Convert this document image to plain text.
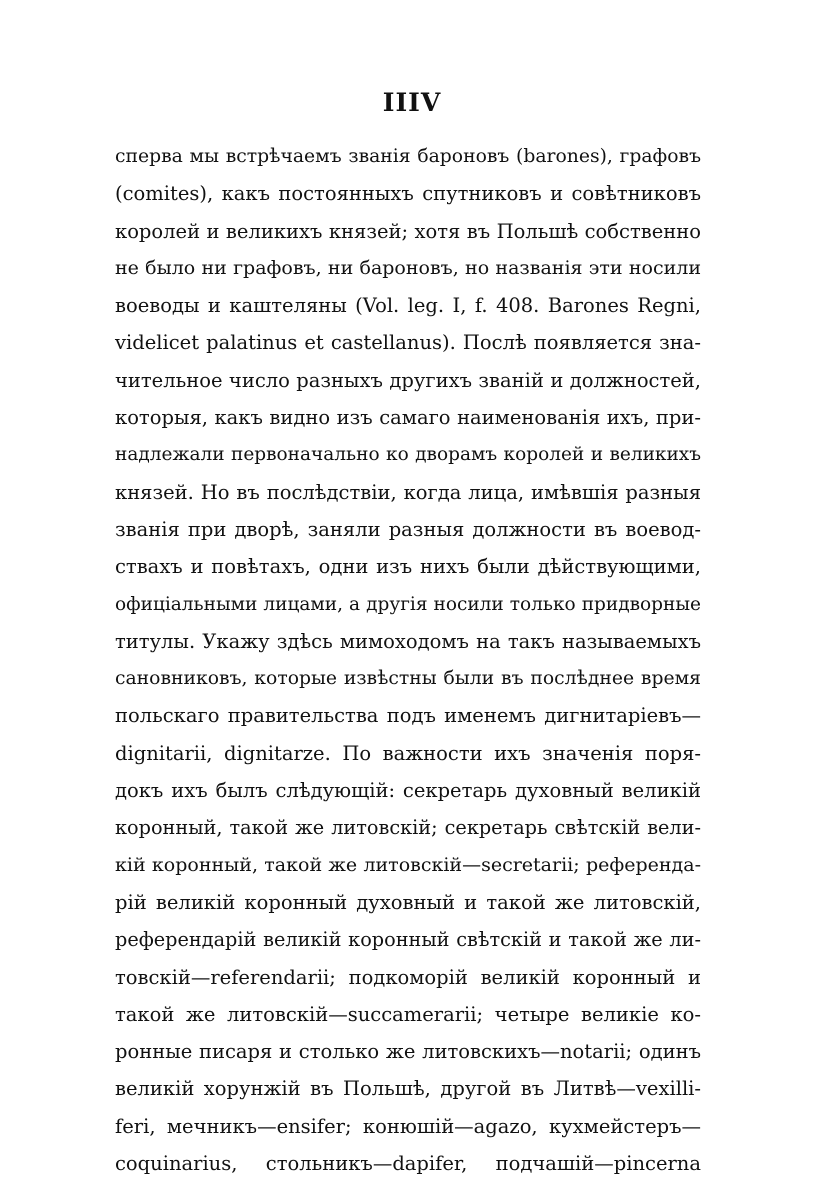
IIIV
сперва мы встрѣчаемъ званія бароновъ (barones), графовъ
(comites), какъ постоянныхъ спутниковъ и совѣтниковъ
королей и великихъ князей; хотя въ Польшѣ собственно
не было ни графовъ, ни бароновъ, но названія эти носили
воеводы и каштеляны (Vol. leg. I, f. 408. Barones Regni,
videlicet palatinus et castellanus). Послѣ появляется зна-
чительное число разныхъ другихъ званій и должностей,
которыя, какъ видно изъ самаго наименованія ихъ, при-
надлежали первоначально ко дворамъ королей и великихъ
князей. Но въ послѣдствіи, когда лица, имѣвшія разныя
званія при дворѣ, заняли разныя должности въ воевод-
ствахъ и повѣтахъ, одни изъ нихъ были дѣйствующими,
офиціальными лицами, а другія носили только придворные
титулы. Укажу здѣсь мимоходомъ на такъ называемыхъ
сановниковъ, которые извѣстны были въ послѣднее время
польскаго правительства подъ именемъ дигнитаріевъ—
dignitarii, dignitarze. По важности ихъ значенія поря-
докъ ихъ былъ слѣдующій: секретарь духовный великій
коронный, такой же литовскій; секретарь свѣтскій вели-
кій коронный, такой же литовскій—secretarii; референда-
рій великій коронный духовный и такой же литовскій,
референдарій великій коронный свѣтскій и такой же ли-
товскій—referendarii; подкоморій великій коронный и
такой же литовскій—succamerarii; четыре великіе ко-
ронные писаря и столько же литовскихъ—notarii; одинъ
великій хорунжій въ Польшѣ, другой въ Литвѣ—vexilli-
feri, мечникъ—ensifer; конюшій—agazo, кухмейстеръ—
coquinarius, стольникъ—dapifer, подчашій—pincerna
